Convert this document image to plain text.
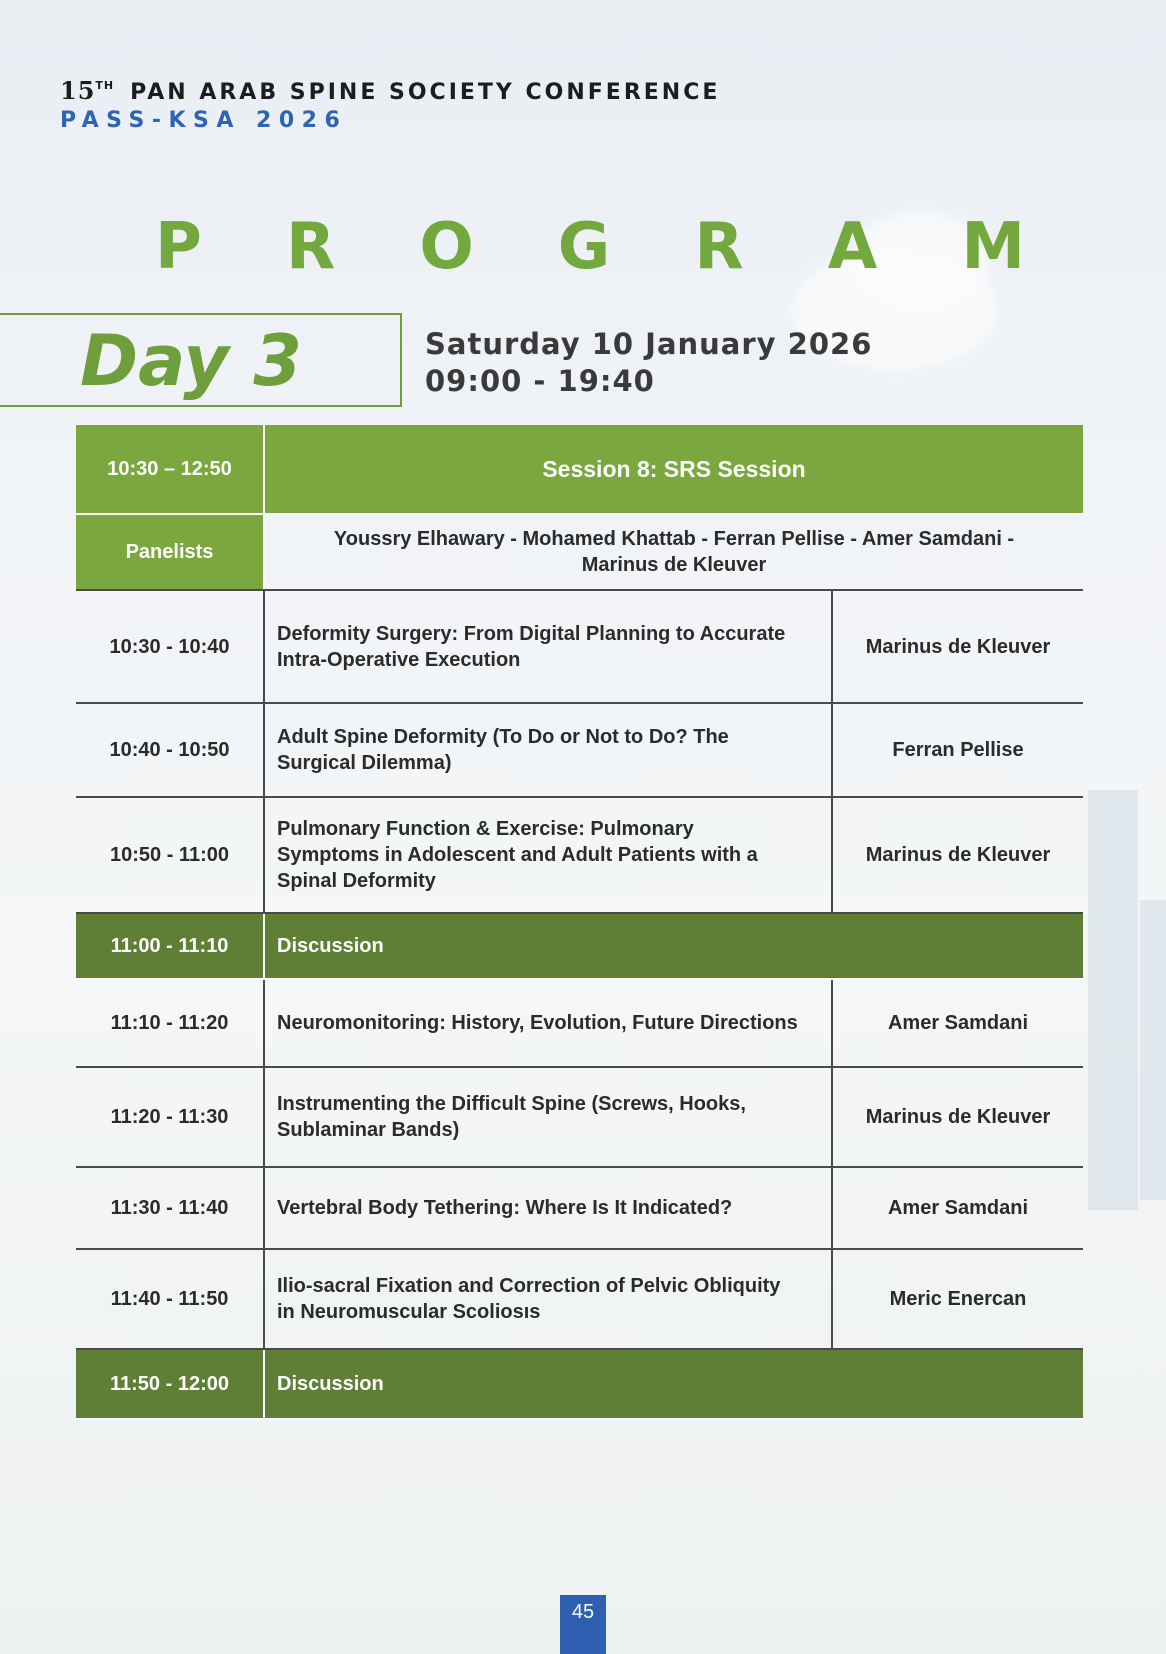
15TH PAN ARAB SPINE SOCIETY CONFERENCE
PASS-KSA 2026
P R O G R A M
Day 3	Saturday 10 January 2026
09:00 - 19:40
10:30 – 12:50	Session 8: SRS Session	
Panelists	Youssry Elhawary - Mohamed Khattab - Ferran Pellise - Amer Samdani -
Marinus de Kleuver	

10:30 - 10:40	Deformity Surgery: From Digital Planning to Accurate
Intra-Operative Execution	Marinus de Kleuver
10:40 - 10:50	Adult Spine Deformity (To Do or Not to Do? The
Surgical Dilemma)	Ferran Pellise
10:50 - 11:00	Pulmonary Function & Exercise: Pulmonary
Symptoms in Adolescent and Adult Patients with a
Spinal Deformity	Marinus de Kleuver
11:00 - 11:10	Discussion	
11:10 - 11:20	Neuromonitoring: History, Evolution, Future Directions	Amer Samdani
11:20 - 11:30	Instrumenting the Difficult Spine (Screws, Hooks,
Sublaminar Bands)	Marinus de Kleuver
11:30 - 11:40	Vertebral Body Tethering: Where Is It Indicated?	Amer Samdani
11:40 - 11:50	Ilio-sacral Fixation and Correction of Pelvic Obliquity
in Neuromuscular Scoliosıs	Meric Enercan
11:50 - 12:00	Discussion	
45
